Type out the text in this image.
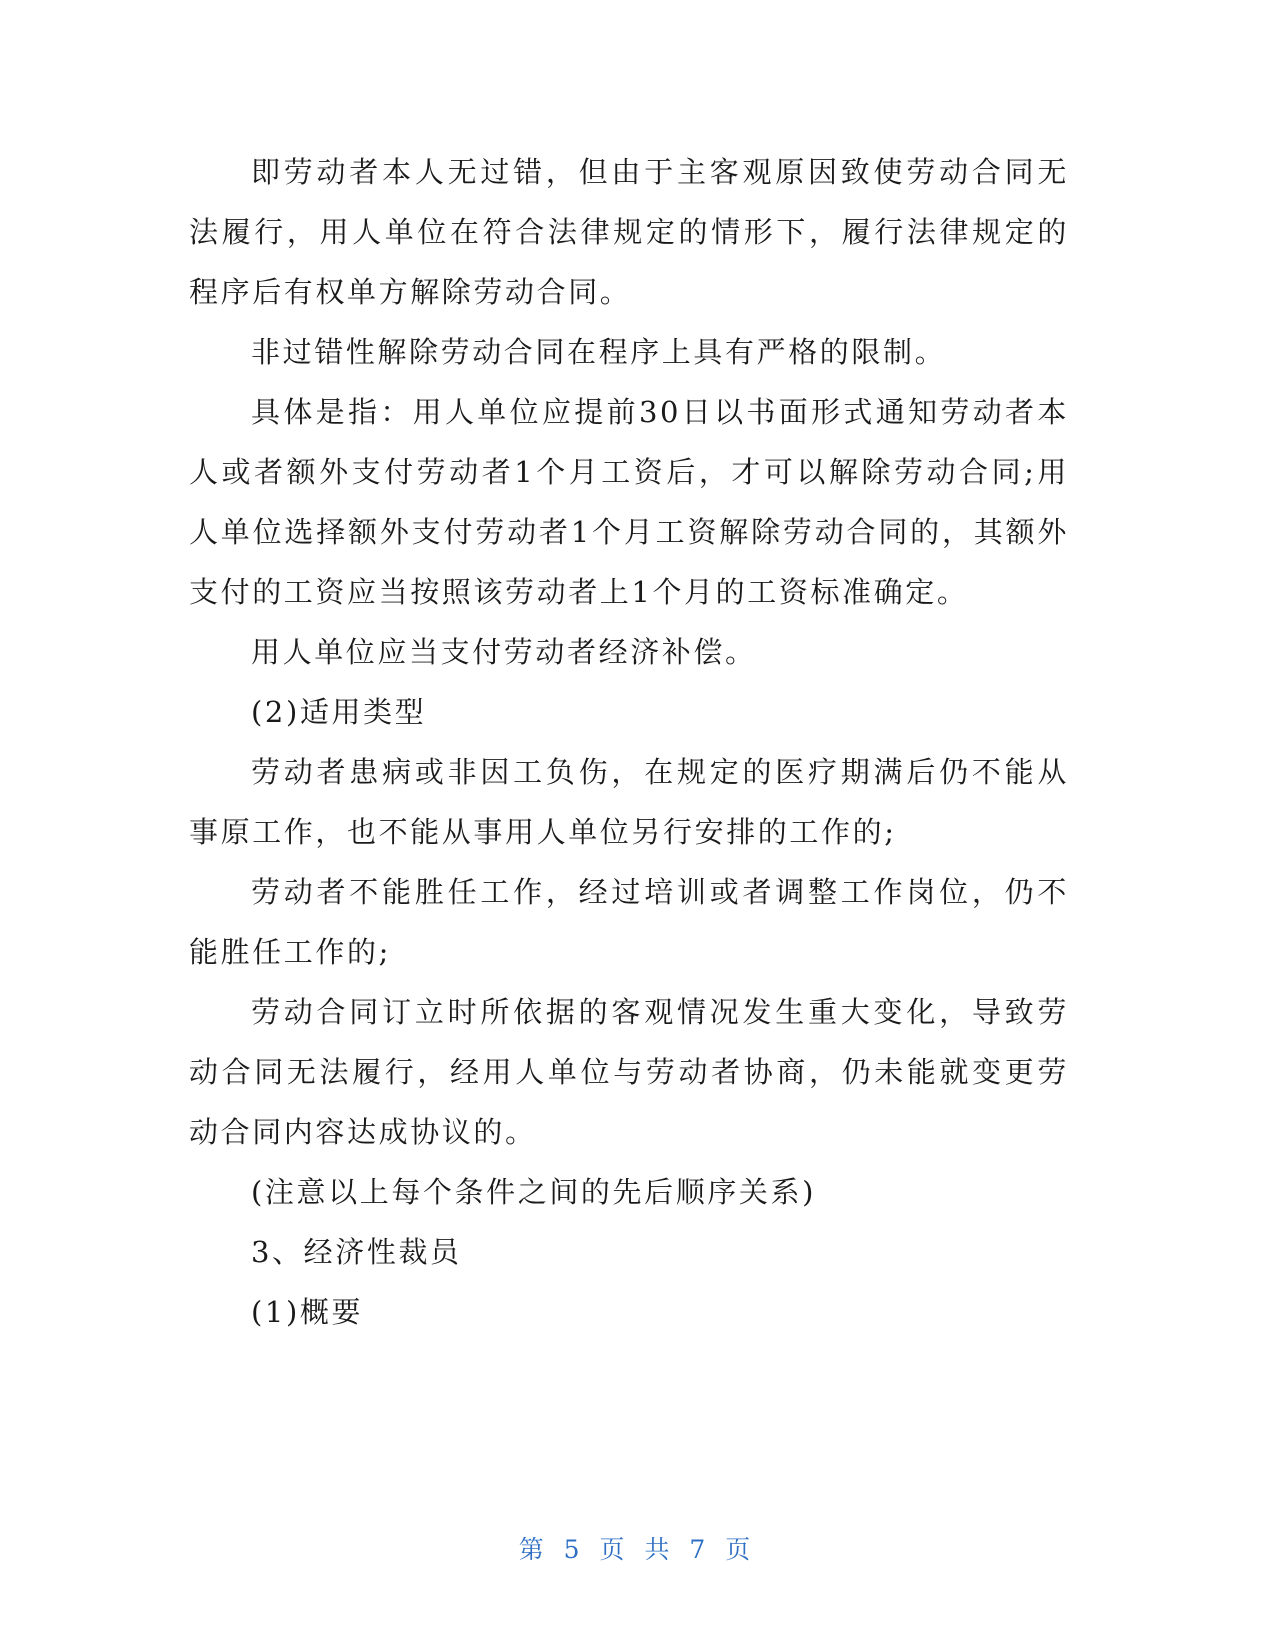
即劳动者本人无过错，但由于主客观原因致使劳动合同无法履行，用人单位在符合法律规定的情形下，履行法律规定的程序后有权单方解除劳动合同。

非过错性解除劳动合同在程序上具有严格的限制。

具体是指：用人单位应提前30日以书面形式通知劳动者本人或者额外支付劳动者1个月工资后，才可以解除劳动合同;用人单位选择额外支付劳动者1个月工资解除劳动合同的，其额外支付的工资应当按照该劳动者上1个月的工资标准确定。

用人单位应当支付劳动者经济补偿。

(2)适用类型

劳动者患病或非因工负伤，在规定的医疗期满后仍不能从事原工作，也不能从事用人单位另行安排的工作的;

劳动者不能胜任工作，经过培训或者调整工作岗位，仍不能胜任工作的;

劳动合同订立时所依据的客观情况发生重大变化，导致劳动合同无法履行，经用人单位与劳动者协商，仍未能就变更劳动合同内容达成协议的。

(注意以上每个条件之间的先后顺序关系)

3、经济性裁员

(1)概要

第 5 页 共 7 页
